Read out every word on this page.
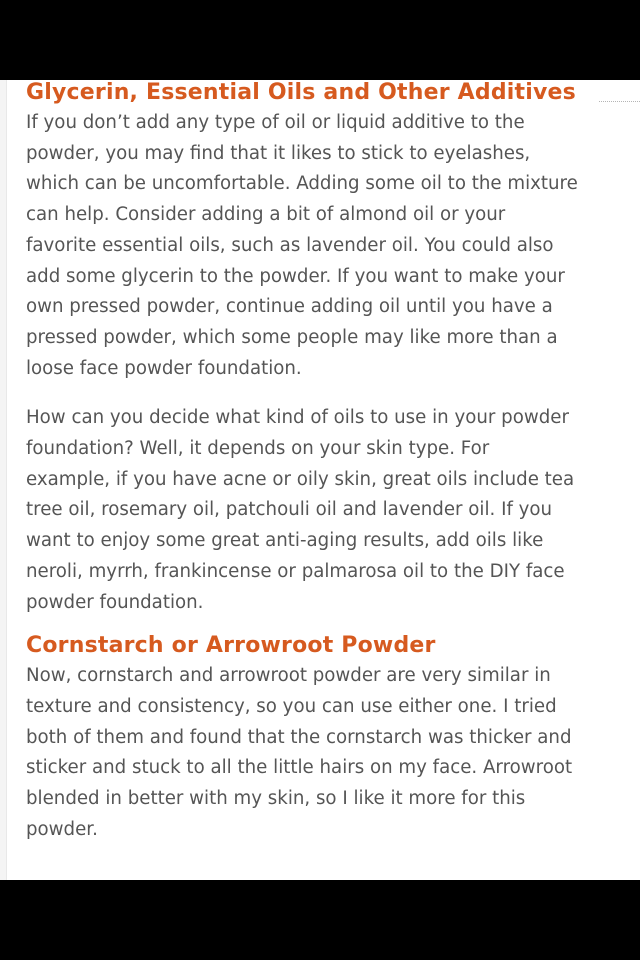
Glycerin, Essential Oils and Other Additives

If you don’t add any type of oil or liquid additive to the powder, you may find that it likes to stick to eyelashes, which can be uncomfortable. Adding some oil to the mixture can help. Consider adding a bit of almond oil or your favorite essential oils, such as lavender oil. You could also add some glycerin to the powder. If you want to make your own pressed powder, continue adding oil until you have a pressed powder, which some people may like more than a loose face powder foundation.

How can you decide what kind of oils to use in your powder foundation? Well, it depends on your skin type. For example, if you have acne or oily skin, great oils include tea tree oil, rosemary oil, patchouli oil and lavender oil. If you want to enjoy some great anti-aging results, add oils like neroli, myrrh, frankincense or palmarosa oil to the DIY face powder foundation.

Cornstarch or Arrowroot Powder

Now, cornstarch and arrowroot powder are very similar in texture and consistency, so you can use either one. I tried both of them and found that the cornstarch was thicker and sticker and stuck to all the little hairs on my face. Arrowroot blended in better with my skin, so I like it more for this powder.
